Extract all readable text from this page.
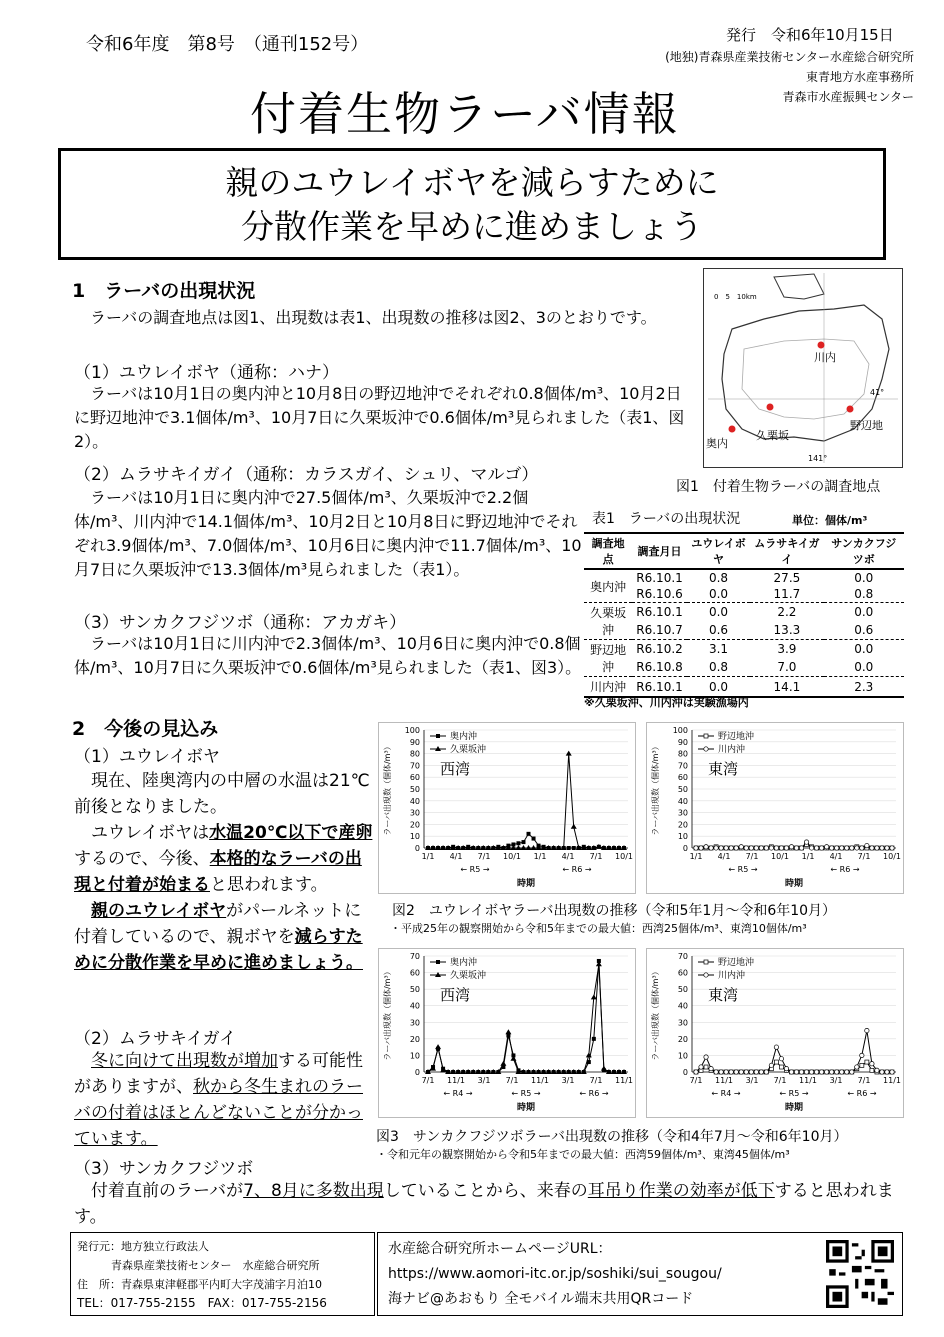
令和6年度　第8号　（通刊152号）	発行　令和6年10月15日
(地独)青森県産業技術センター水産総合研究所
東青地方水産事務所
青森市水産振興センター
付着生物ラーバ情報
親のユウレイボヤを減らすために
分散作業を早めに進めましょう
1　ラーバの出現状況
ラーバの調査地点は図1、出現数は表1、出現数の推移は図2、3のとおりです。
（1）ユウレイボヤ（通称：ハナ）
ラーバは10月1日の奥内沖と10月8日の野辺地沖でそれぞれ0.8個体/m³、10月2日に野辺地沖で3.1個体/m³、10月7日に久栗坂沖で0.6個体/m³見られました（表1、図2）。
（2）ムラサキイガイ（通称：カラスガイ、シュリ、マルゴ）
ラーバは10月1日に奥内沖で27.5個体/m³、久栗坂沖で2.2個体/m³、川内沖で14.1個体/m³、10月2日と10月8日に野辺地沖でそれぞれ3.9個体/m³、7.0個体/m³、10月6日に奥内沖で11.7個体/m³、10月7日に久栗坂沖で13.3個体/m³見られました（表1）。
（3）サンカクフジツボ（通称：アカガキ）
ラーバは10月1日に川内沖で2.3個体/m³、10月6日に奥内沖で0.8個体/m³、10月7日に久栗坂沖で0.6個体/m³見られました（表1、図3）。
0　5　10km
41°
141°
川内
野辺地
久栗坂
奥内
図1　付着生物ラーバの調査地点
表1　ラーバの出現状況	単位：個体/m³
調査地点	調査月日	ユウレイボヤ	ムラサキイガイ	サンカクフジツボ
奥内沖	R6.10.1	0.8	27.5	0.0
	R6.10.6	0.0	11.7	0.8
久栗坂沖	R6.10.1	0.0	2.2	0.0
	R6.10.7	0.6	13.3	0.6
野辺地沖	R6.10.2	3.1	3.9	0.0
	R6.10.8	0.8	7.0	0.0
川内沖	R6.10.1	0.0	14.1	2.3
※久栗坂沖、川内沖は実験漁場内
2　今後の見込み
（1）ユウレイボヤ
現在、陸奥湾内の中層の水温は21℃前後となりました。
ユウレイボヤは水温20℃以下で産卵するので、今後、本格的なラーバの出現と付着が始まると思われます。
親のユウレイボヤがパールネットに付着しているので、親ボヤを減らすために分散作業を早めに進めましょう。
（2）ムラサキイガイ
冬に向けて出現数が増加する可能性がありますが、秋から冬生まれのラーバの付着はほとんどないことが分かっています。
（3）サンカクフジツボ
付着直前のラーバが7、8月に多数出現していることから、来春の耳吊り作業の効率が低下すると思われます。
0
10
20
30
40
50
60
70
80
90
100
1/1 4/1 7/1 10/1 1/1 4/1 7/1 10/1
← R5 →	← R6 →
時期
ラーバ出現数（個体/m³）	西湾
奥内沖
久栗坂沖
0
10
20
30
40
50
60
70
80
90
100
1/1 4/1 7/1 10/1 1/1 4/1 7/1 10/1
← R5 →	← R6 →
時期
ラーバ出現数（個体/m³）	東湾
野辺地沖
川内沖
図2　ユウレイボヤラーバ出現数の推移（令和5年1月～令和6年10月）
・平成25年の観察開始から令和5年までの最大値：西湾25個体/m³、東湾10個体/m³
0
10
20
30
40
50
60
70
7/1 11/1 3/1 7/1 11/1 3/1 7/1 11/1
← R4 →	← R5 →	← R6 →
時期
ラーバ出現数（個体/m³）	西湾
奥内沖
久栗坂沖
0
10
20
30
40
50
60
70
7/1 11/1 3/1 7/1 11/1 3/1 7/1 11/1
← R4 →	← R5 →	← R6 →
時期
ラーバ出現数（個体/m³）	東湾
野辺地沖
川内沖
図3　サンカクフジツボラーバ出現数の推移（令和4年7月～令和6年10月）
・令和元年の観察開始から令和5年までの最大値：西湾59個体/m³、東湾45個体/m³
発行元：地方独立行政法人
青森県産業技術センター　水産総合研究所
住　所：青森県東津軽郡平内町大字茂浦字月泊10
TEL：017-755-2155　FAX：017-755-2156
水産総合研究所ホームページURL：
https://www.aomori-itc.or.jp/soshiki/sui_sougou/
海ナビ@あおもり 全モバイル端末共用QRコード
